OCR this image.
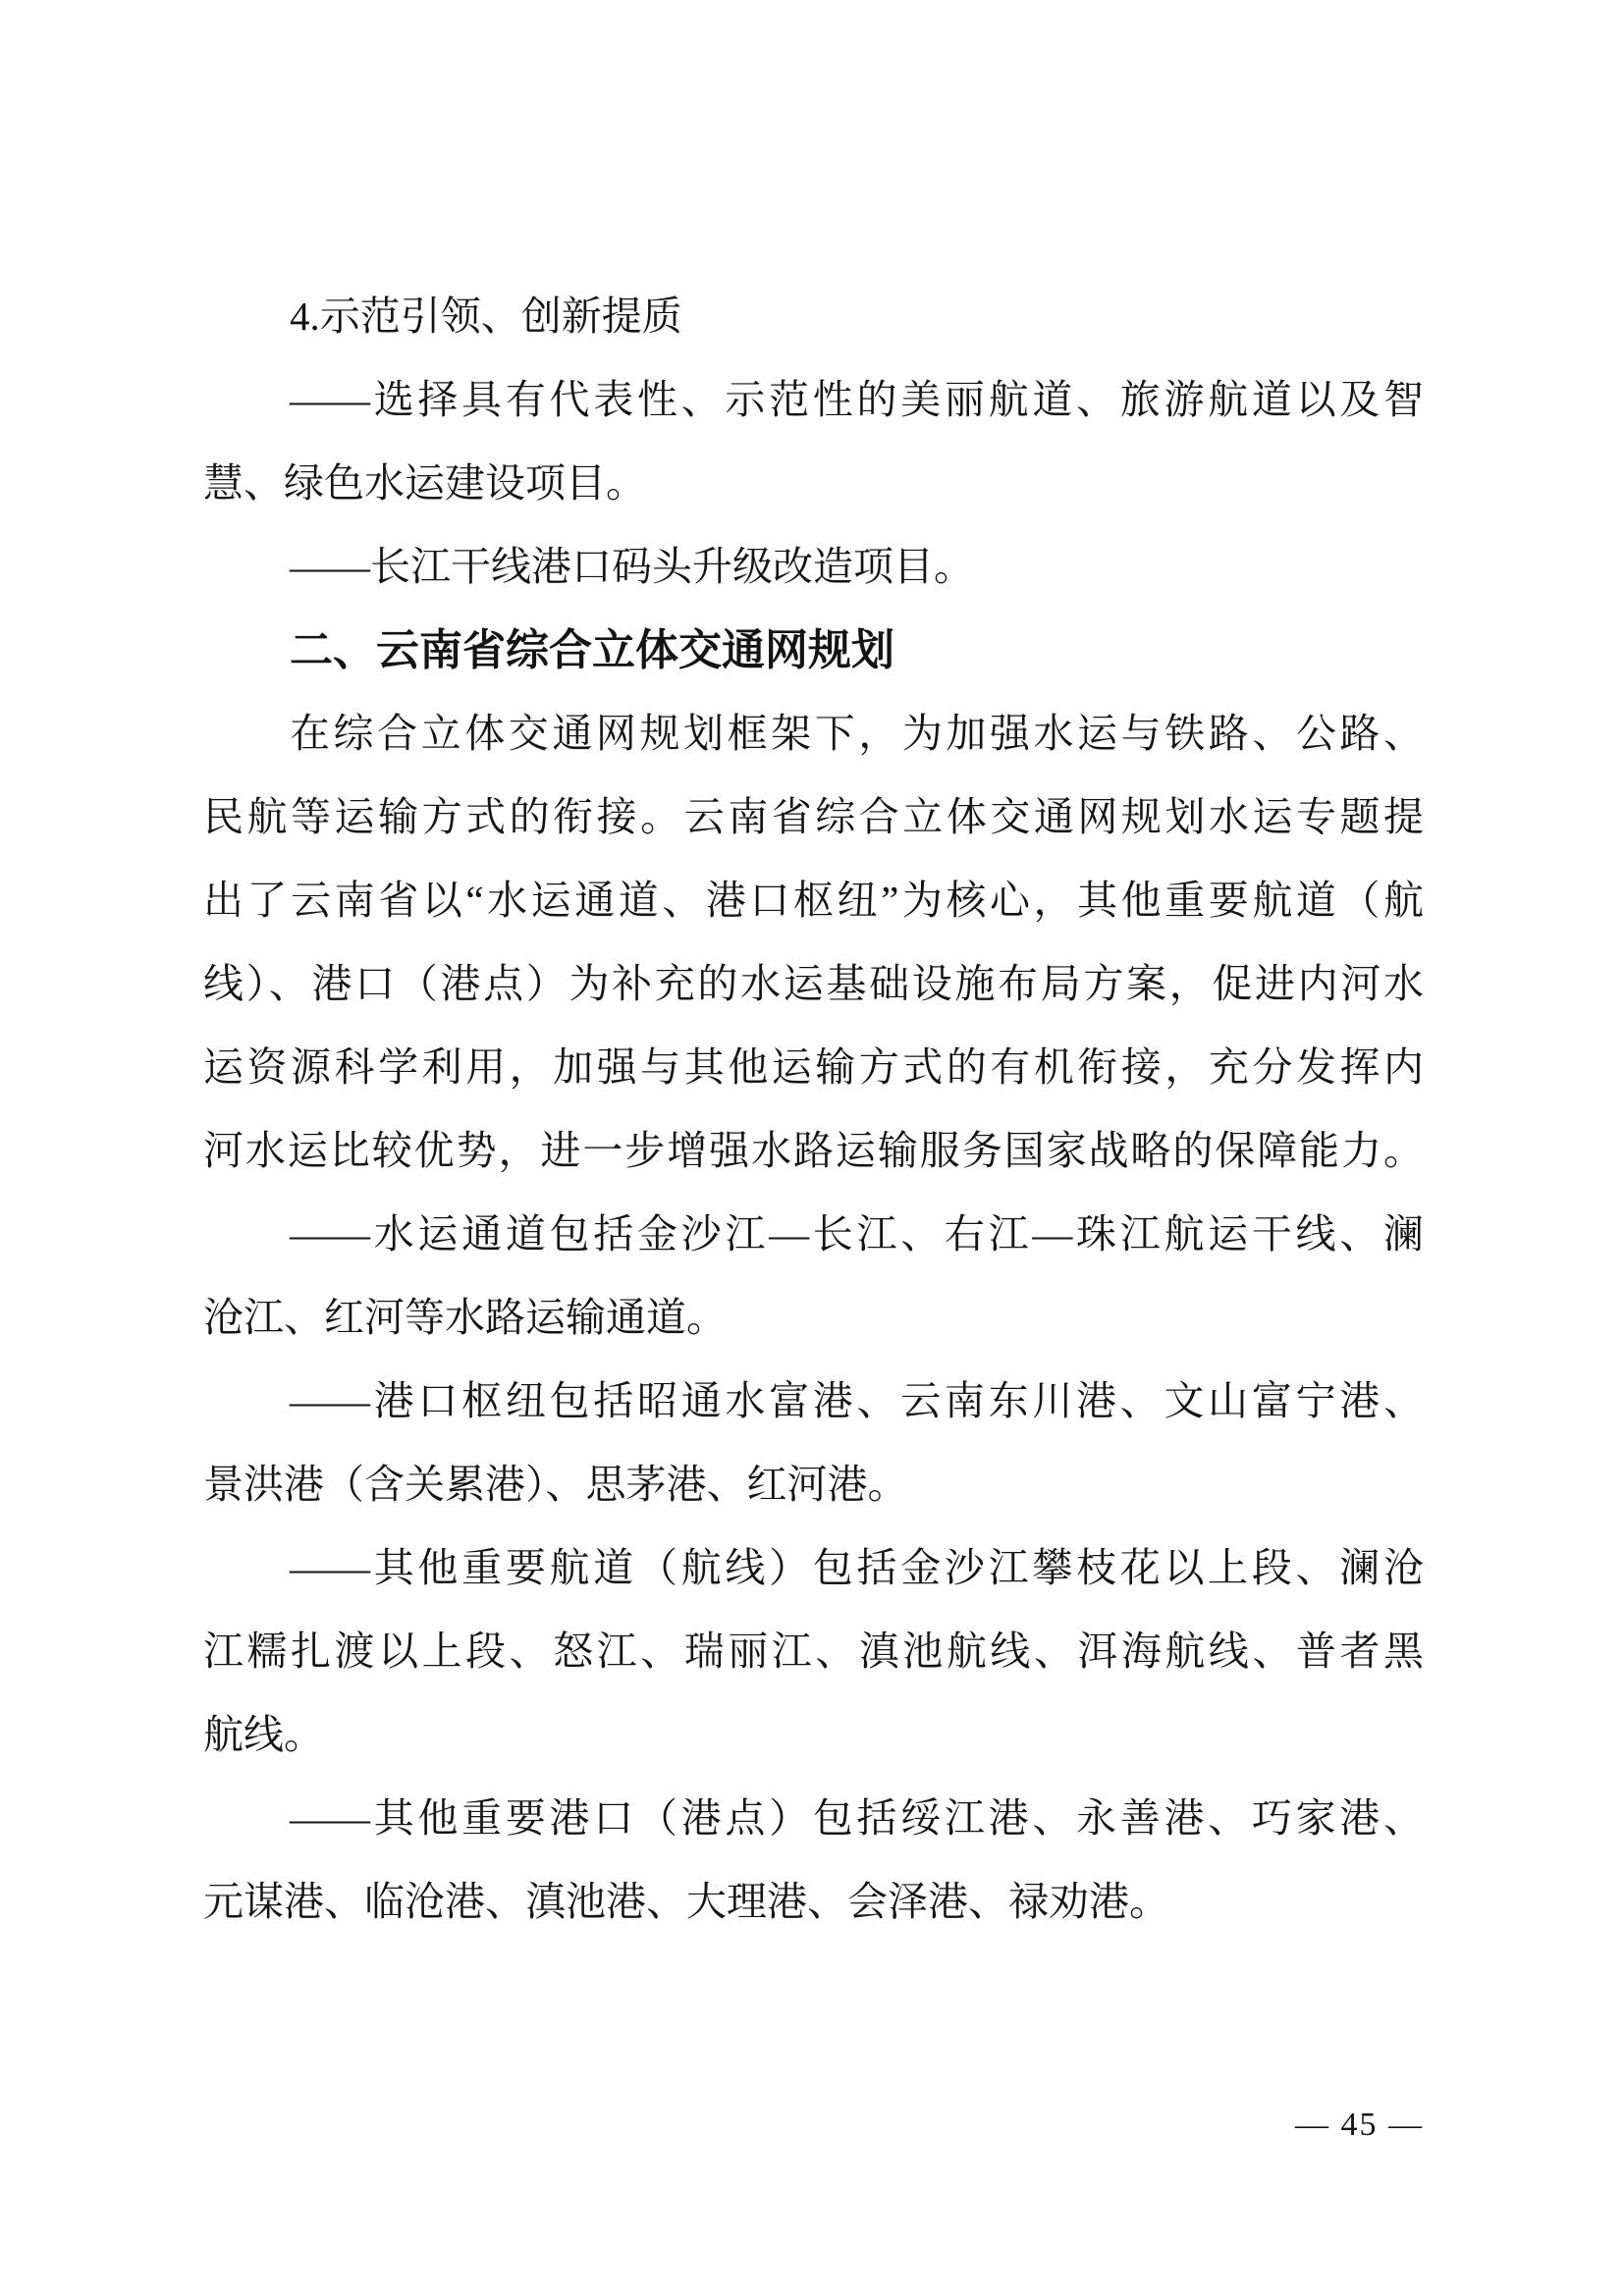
4.示范引领、创新提质
——选择具有代表性、示范性的美丽航道、旅游航道以及智
慧、绿色水运建设项目。
——长江干线港口码头升级改造项目。
二、云南省综合立体交通网规划
在综合立体交通网规划框架下，为加强水运与铁路、公路、
民航等运输方式的衔接。云南省综合立体交通网规划水运专题提
出了云南省以“水运通道、港口枢纽”为核心，其他重要航道（航
线）、港口（港点）为补充的水运基础设施布局方案，促进内河水
运资源科学利用，加强与其他运输方式的有机衔接，充分发挥内
河水运比较优势，进一步增强水路运输服务国家战略的保障能力。
——水运通道包括金沙江—长江、右江—珠江航运干线、澜
沧江、红河等水路运输通道。
——港口枢纽包括昭通水富港、云南东川港、文山富宁港、
景洪港（含关累港）、思茅港、红河港。
——其他重要航道（航线）包括金沙江攀枝花以上段、澜沧
江糯扎渡以上段、怒江、瑞丽江、滇池航线、洱海航线、普者黑
航线。
——其他重要港口（港点）包括绥江港、永善港、巧家港、
元谋港、临沧港、滇池港、大理港、会泽港、禄劝港。
— 45 —
